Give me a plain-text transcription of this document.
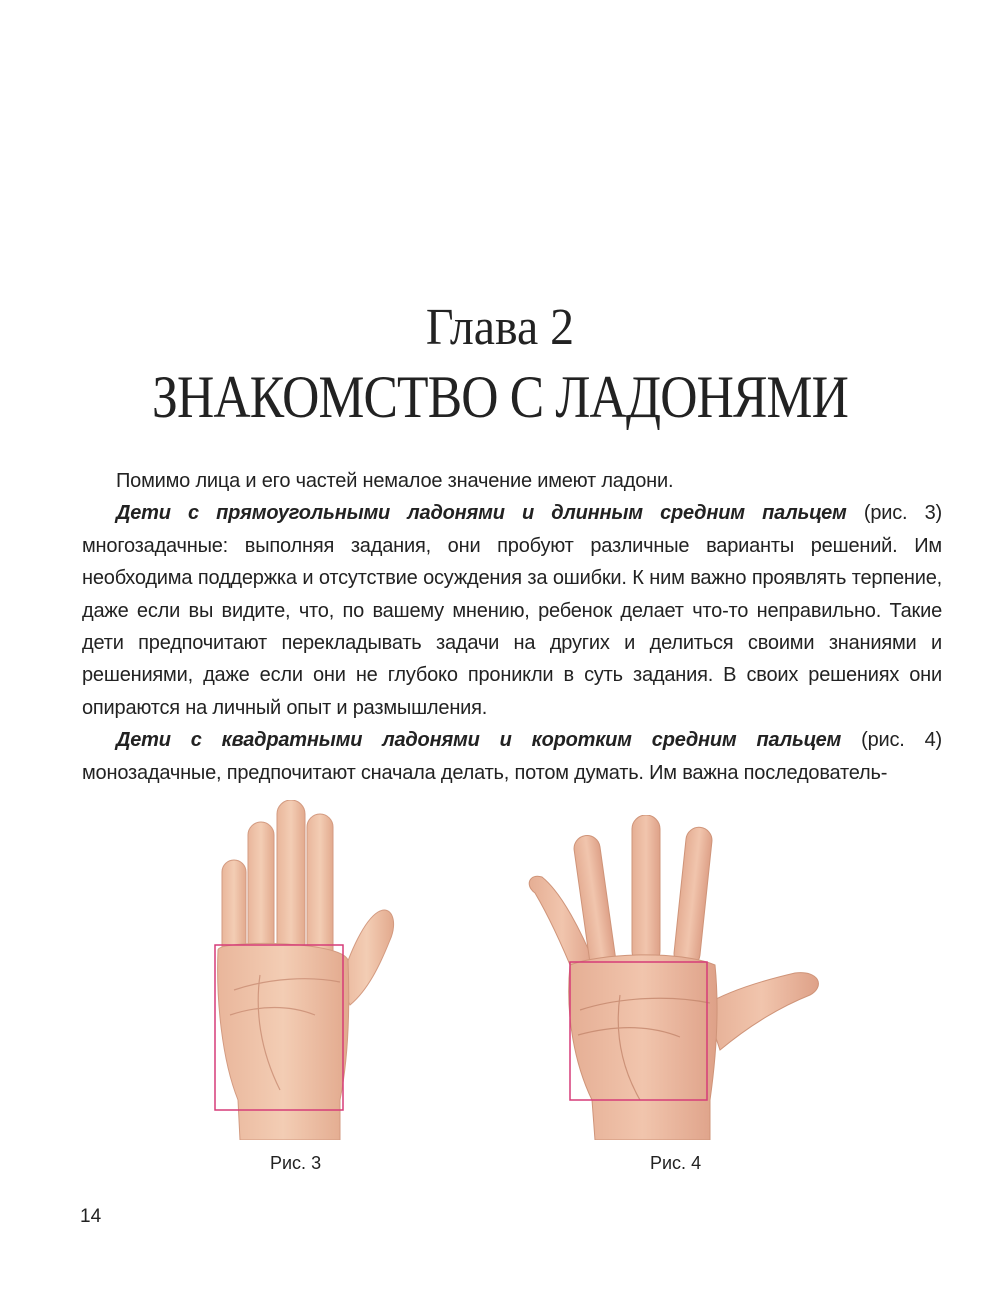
Глава 2
ЗНАКОМСТВО С ЛАДОНЯМИ

Помимо лица и его частей немалое значение имеют ладони.

Дети с прямоугольными ладонями и длинным средним пальцем (рис. 3) многозадачные: выполняя задания, они пробуют различные варианты решений. Им необходима поддержка и отсутствие осуждения за ошибки. К ним важно проявлять терпение, даже если вы видите, что, по вашему мнению, ребенок делает что-то неправильно. Такие дети предпочитают перекладывать задачи на других и делиться своими знаниями и решениями, даже если они не глубоко проникли в суть задания. В своих решениях они опираются на личный опыт и размышления.

Дети с квадратными ладонями и коротким средним пальцем (рис. 4) монозадачные, предпочитают сначала делать, потом думать. Им важна последователь-

Рис. 3	Рис. 4
14
